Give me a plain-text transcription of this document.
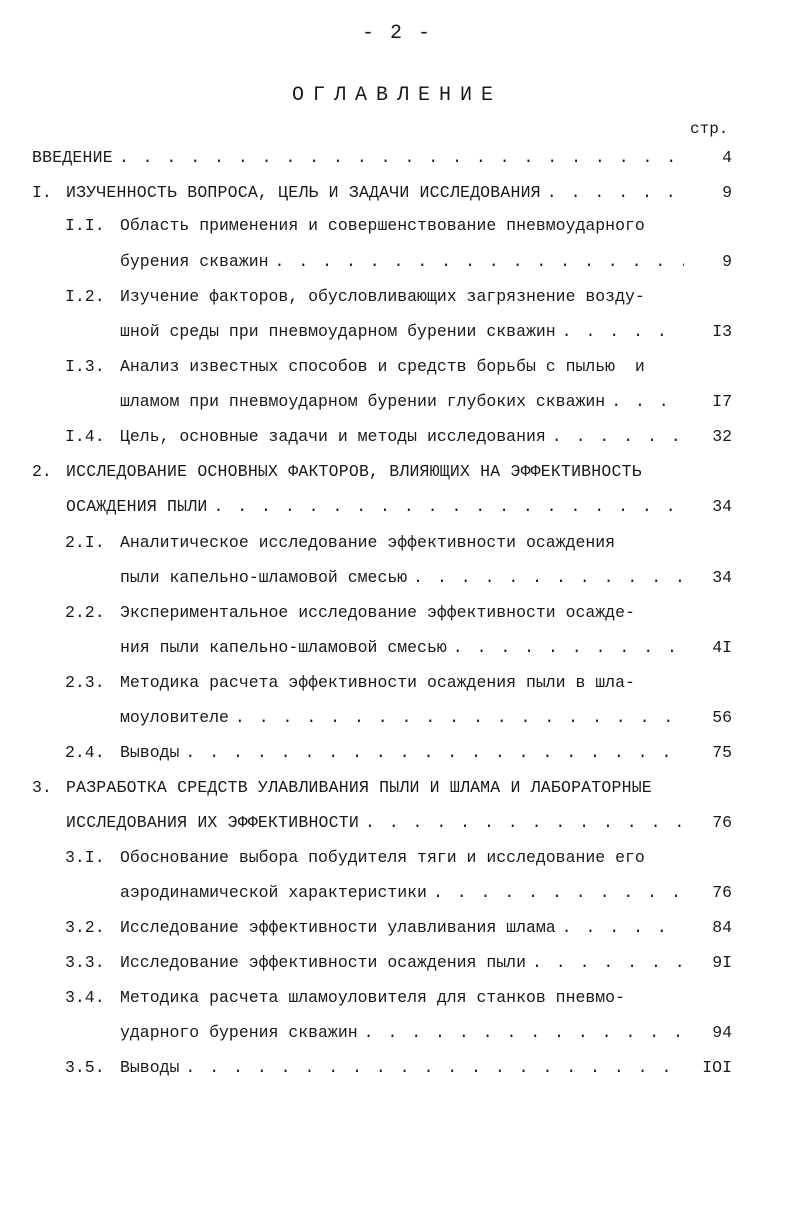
- 2 -
ОГЛАВЛЕНИЕ
стр.
ВВЕДЕНИЕ . . .	4
I. ИЗУЧЕННОСТЬ ВОПРОСА, ЦЕЛЬ И ЗАДАЧИ ИССЛЕДОВАНИЯ . . .	9
I.I. Область применения и совершенствование пневмоударного
бурения скважин . . .	9
I.2. Изучение факторов, обусловливающих загрязнение возду-
шной среды при пневмоударном бурении скважин . . .	I3
I.3. Анализ известных способов и средств борьбы с пылью  и
шламом при пневмоударном бурении глубоких скважин . . .	I7
I.4. Цель, основные задачи и методы исследования . . .	32
2. ИССЛЕДОВАНИЕ ОСНОВНЫХ ФАКТОРОВ, ВЛИЯЮЩИХ НА ЭФФЕКТИВНОСТЬ
ОСАЖДЕНИЯ ПЫЛИ . . .	34
2.I. Аналитическое исследование эффективности осаждения
пыли капельно-шламовой смесью . . .	34
2.2. Экспериментальное исследование эффективности осажде-
ния пыли капельно-шламовой смесью . . .	4I
2.3. Методика расчета эффективности осаждения пыли в шла-
моуловителе . . .	56
2.4. Выводы . . .	75
3. РАЗРАБОТКА СРЕДСТВ УЛАВЛИВАНИЯ ПЫЛИ И ШЛАМА И ЛАБОРАТОРНЫЕ
ИССЛЕДОВАНИЯ ИХ ЭФФЕКТИВНОСТИ . . .	76
3.I. Обоснование выбора побудителя тяги и исследование его
аэродинамической характеристики . . .	76
3.2. Исследование эффективности улавливания шлама . . .	84
3.3. Исследование эффективности осаждения пыли . . .	9I
3.4. Методика расчета шламоуловителя для станков пневмо-
ударного бурения скважин . . .	94
3.5. Выводы . . .	IOI
